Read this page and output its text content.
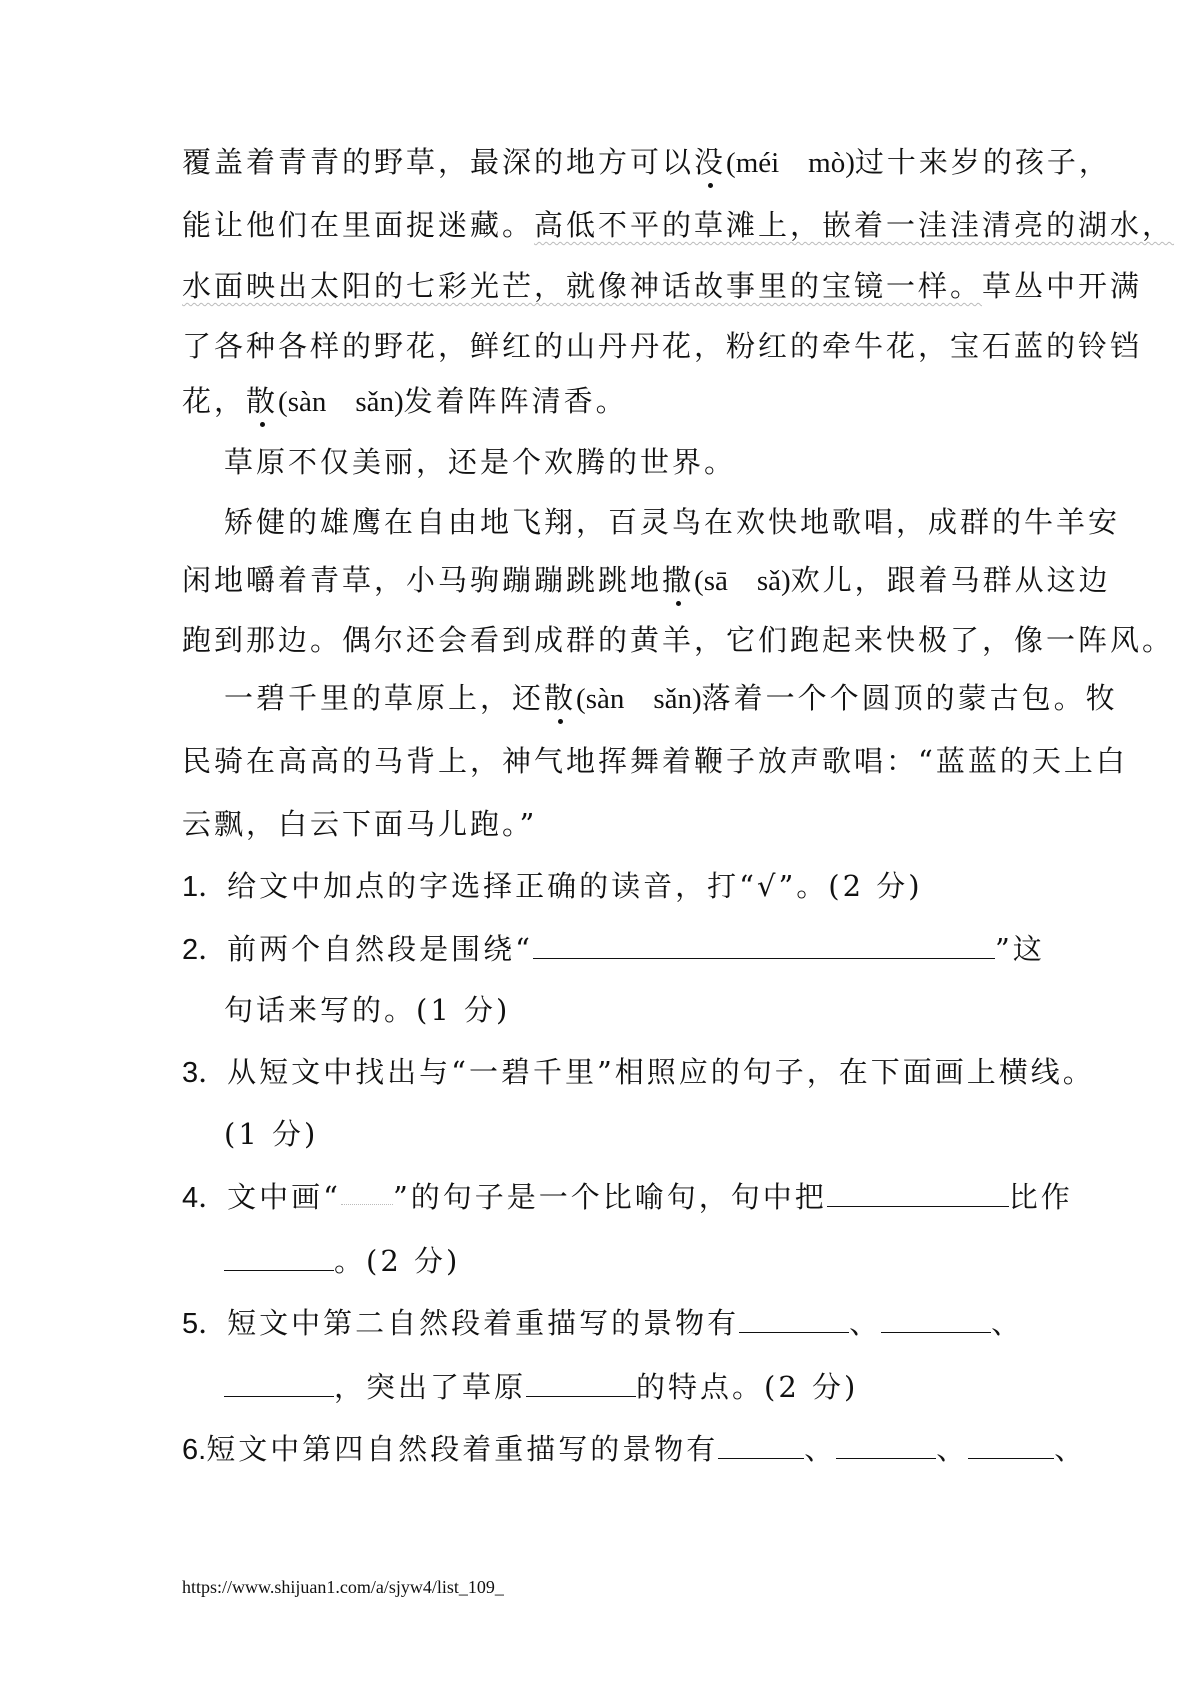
覆盖着青青的野草，最深的地方可以没(méi　mò)过十来岁的孩子，
能让他们在里面捉迷藏。高低不平的草滩上，嵌着一洼洼清亮的湖水，
水面映出太阳的七彩光芒，就像神话故事里的宝镜一样。草丛中开满
了各种各样的野花，鲜红的山丹丹花，粉红的牵牛花，宝石蓝的铃铛
花，散(sàn　sǎn)发着阵阵清香。
草原不仅美丽，还是个欢腾的世界。
矫健的雄鹰在自由地飞翔，百灵鸟在欢快地歌唱，成群的牛羊安
闲地嚼着青草，小马驹蹦蹦跳跳地撒(sā　sǎ)欢儿，跟着马群从这边
跑到那边。偶尔还会看到成群的黄羊，它们跑起来快极了，像一阵风。
一碧千里的草原上，还散(sàn　sǎn)落着一个个圆顶的蒙古包。牧
民骑在高高的马背上，神气地挥舞着鞭子放声歌唱：“蓝蓝的天上白
云飘，白云下面马儿跑。”
1．给文中加点的字选择正确的读音，打“√”。(2 分)
2．前两个自然段是围绕“	”这
句话来写的。(1 分)
3．从短文中找出与“一碧千里”相照应的句子，在下面画上横线。
(1 分)
4．文中画“ ”的句子是一个比喻句，句中把	比作
。(2 分)
5．短文中第二自然段着重描写的景物有	、	、
，突出了草原	的特点。(2 分)
6.短文中第四自然段着重描写的景物有	、	、	、
https://www.shijuan1.com/a/sjyw4/list_109_
